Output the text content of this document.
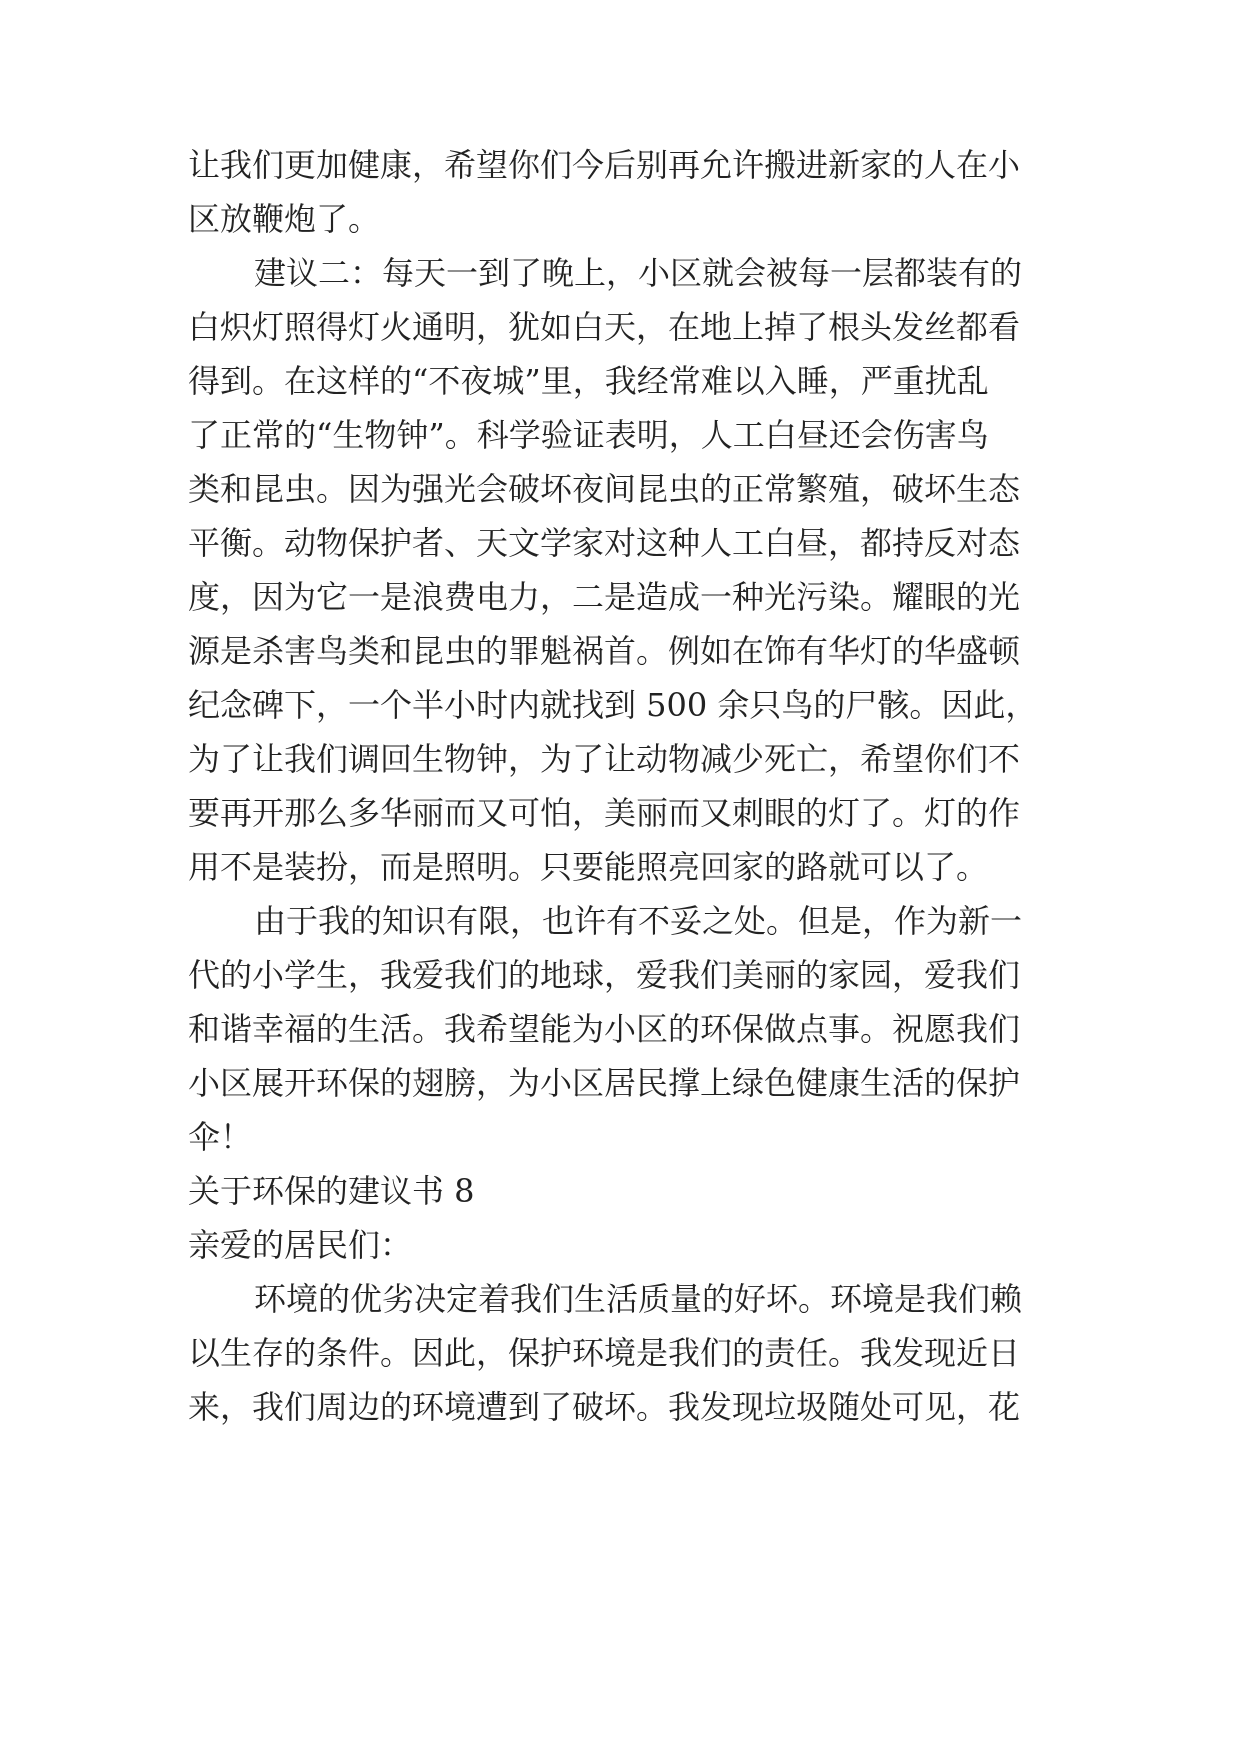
让我们更加健康，希望你们今后别再允许搬进新家的人在小

区放鞭炮了。

建议二：每天一到了晚上，小区就会被每一层都装有的

白炽灯照得灯火通明，犹如白天，在地上掉了根头发丝都看

得到。在这样的“不夜城”里，我经常难以入睡，严重扰乱

了正常的“生物钟”。科学验证表明，人工白昼还会伤害鸟

类和昆虫。因为强光会破坏夜间昆虫的正常繁殖，破坏生态

平衡。动物保护者、天文学家对这种人工白昼，都持反对态

度，因为它一是浪费电力，二是造成一种光污染。耀眼的光

源是杀害鸟类和昆虫的罪魁祸首。例如在饰有华灯的华盛顿

纪念碑下，一个半小时内就找到 500 余只鸟的尸骸。因此，

为了让我们调回生物钟，为了让动物减少死亡，希望你们不

要再开那么多华丽而又可怕，美丽而又刺眼的灯了。灯的作

用不是装扮，而是照明。只要能照亮回家的路就可以了。

由于我的知识有限，也许有不妥之处。但是，作为新一

代的小学生，我爱我们的地球，爱我们美丽的家园，爱我们

和谐幸福的生活。我希望能为小区的环保做点事。祝愿我们

小区展开环保的翅膀，为小区居民撑上绿色健康生活的保护

伞！

关于环保的建议书 8

亲爱的居民们：

环境的优劣决定着我们生活质量的好坏。环境是我们赖

以生存的条件。因此，保护环境是我们的责任。我发现近日

来，我们周边的环境遭到了破坏。我发现垃圾随处可见，花
